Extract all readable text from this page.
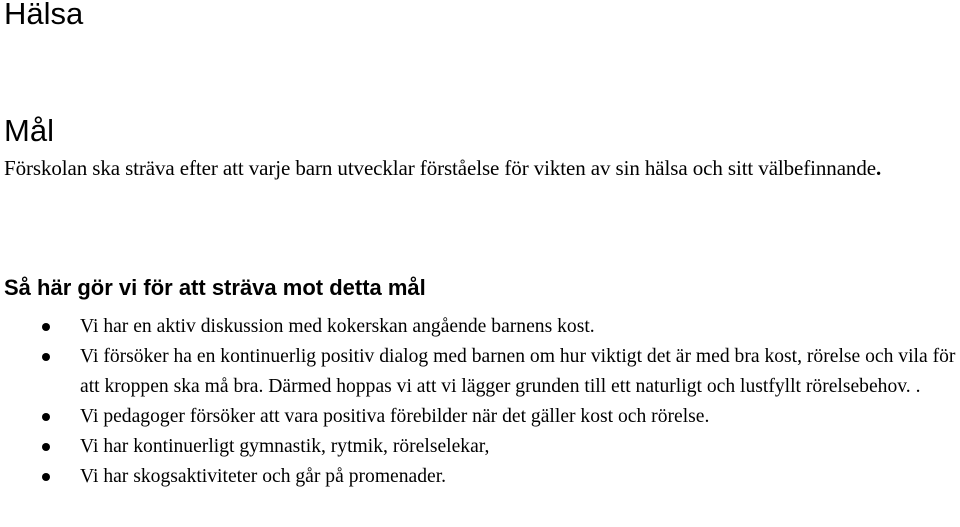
Hälsa
Mål

Förskolan ska sträva efter att varje barn utvecklar förståelse för vikten av sin hälsa och sitt välbefinnande.

Så här gör vi för att sträva mot detta mål
Vi har en aktiv diskussion med kokerskan angående barnens kost.
Vi försöker ha en kontinuerlig positiv dialog med barnen om hur viktigt det är med bra kost, rörelse och vila för att kroppen ska må bra. Därmed hoppas vi att vi lägger grunden till ett naturligt och lustfyllt rörelsebehov. .
Vi pedagoger försöker att vara positiva förebilder när det gäller kost och rörelse.
Vi har kontinuerligt gymnastik, rytmik, rörelselekar,
Vi har skogsaktiviteter och går på promenader.
